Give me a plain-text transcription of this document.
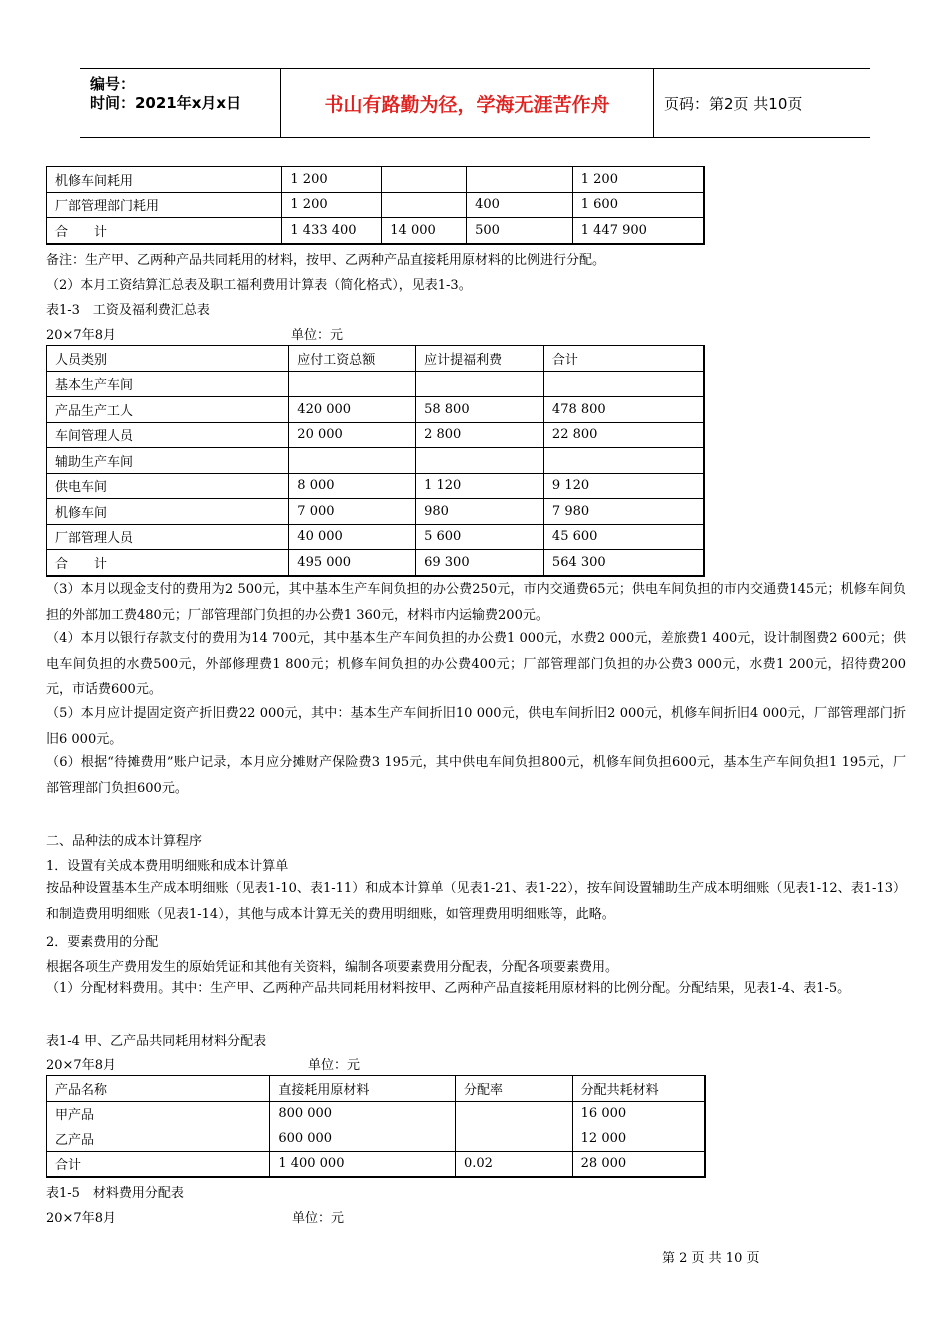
编号：
时间：2021年x月x日	书山有路勤为径，学海无涯苦作舟	页码：第2页 共10页
机修车间耗用	1 200			1 200
厂部管理部门耗用	1 200		400	1 600
合　　计	1 433 400	14 000	500	1 447 900
备注：生产甲、乙两种产品共同耗用的材料，按甲、乙两种产品直接耗用原材料的比例进行分配。
（2）本月工资结算汇总表及职工福利费用计算表（简化格式），见表1-3。
表1-3　工资及福利费汇总表
20×7年8月	单位：元
人员类别	应付工资总额	应计提福利费	合计
基本生产车间			
产品生产工人	420 000	58 800	478 800
车间管理人员	20 000	2 800	22 800
辅助生产车间			
供电车间	8 000	1 120	9 120
机修车间	7 000	980	7 980
厂部管理人员	40 000	5 600	45 600
合　　计	495 000	69 300	564 300
（3）本月以现金支付的费用为2 500元，其中基本生产车间负担的办公费250元，市内交通费65元；供电车间负担的市内交通费145元；机修车间负担的外部加工费480元；厂部管理部门负担的办公费1 360元，材料市内运输费200元。
（4）本月以银行存款支付的费用为14 700元，其中基本生产车间负担的办公费1 000元，水费2 000元，差旅费1 400元，设计制图费2 600元；供电车间负担的水费500元，外部修理费1 800元；机修车间负担的办公费400元；厂部管理部门负担的办公费3 000元，水费1 200元，招待费200元，市话费600元。
（5）本月应计提固定资产折旧费22 000元，其中：基本生产车间折旧10 000元，供电车间折旧2 000元，机修车间折旧4 000元，厂部管理部门折旧6 000元。
（6）根据“待摊费用”账户记录，本月应分摊财产保险费3 195元，其中供电车间负担800元，机修车间负担600元，基本生产车间负担1 195元，厂部管理部门负担600元。
二、品种法的成本计算程序
1．设置有关成本费用明细账和成本计算单
按品种设置基本生产成本明细账（见表1-10、表1-11）和成本计算单（见表1-21、表1-22），按车间设置辅助生产成本明细账（见表1-12、表1-13）和制造费用明细账（见表1-14），其他与成本计算无关的费用明细账，如管理费用明细账等，此略。
2．要素费用的分配
根据各项生产费用发生的原始凭证和其他有关资料，编制各项要素费用分配表，分配各项要素费用。
（1）分配材料费用。其中：生产甲、乙两种产品共同耗用材料按甲、乙两种产品直接耗用原材料的比例分配。分配结果，见表1-4、表1-5。
表1-4 甲、乙产品共同耗用材料分配表
20×7年8月	单位：元
产品名称	直接耗用原材料	分配率	分配共耗材料
甲产品	800 000		16 000
乙产品	600 000		12 000
合计	1 400 000	0.02	28 000
表1-5　材料费用分配表
20×7年8月	单位：元
第 2 页 共 10 页
